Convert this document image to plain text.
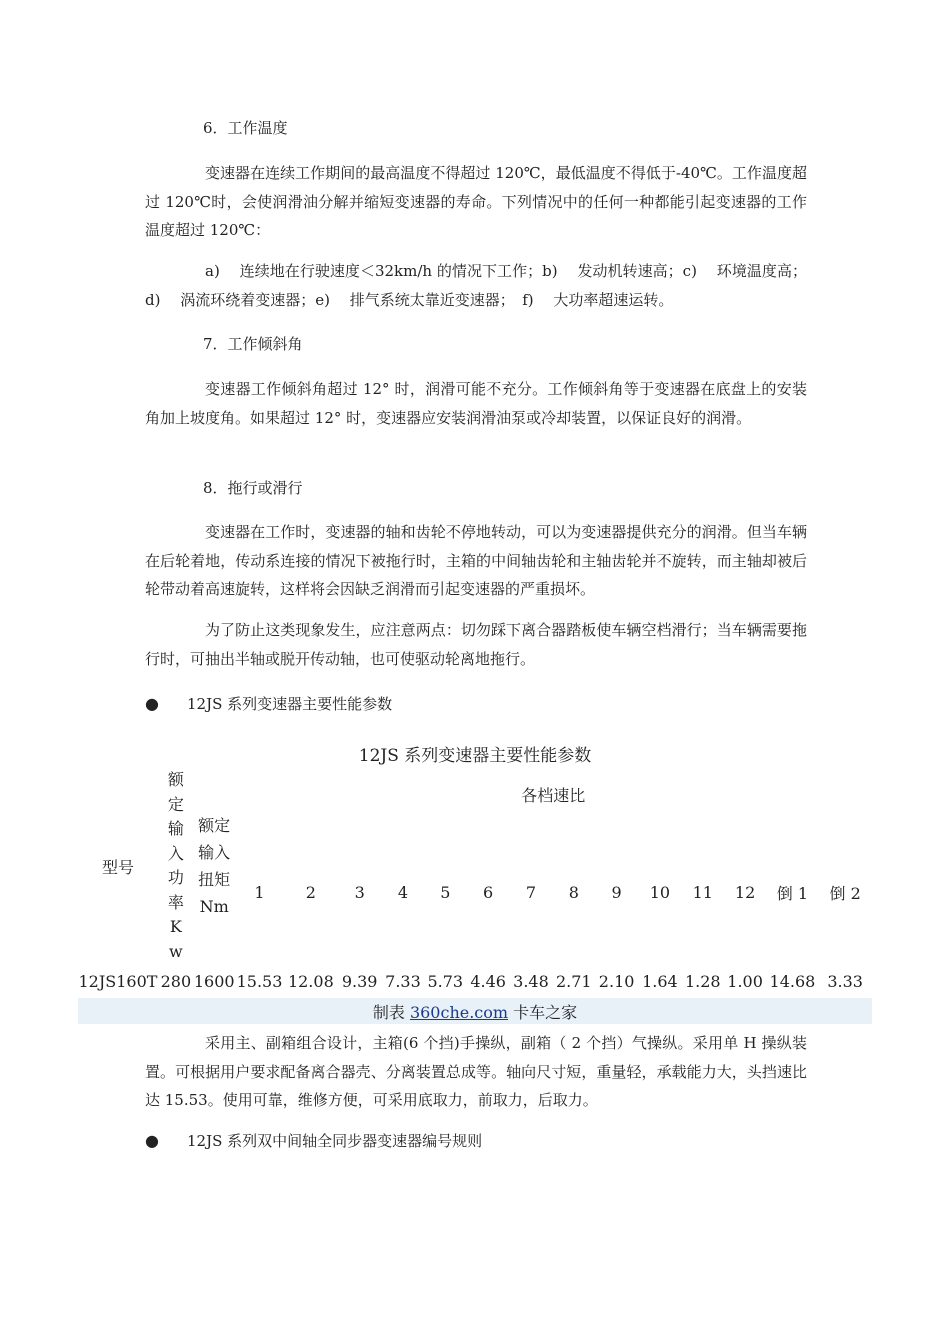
6．工作温度

变速器在连续工作期间的最高温度不得超过 120℃，最低温度不得低于-40℃。工作温度超过 120℃时，会使润滑油分解并缩短变速器的寿命。下列情况中的任何一种都能引起变速器的工作温度超过 120℃：

a)　 连续地在行驶速度＜32km/h 的情况下工作；b)　 发动机转速高；c)　 环境温度高；d)　 涡流环绕着变速器；e)　 排气系统太靠近变速器；　f)　 大功率超速运转。

7．工作倾斜角

变速器工作倾斜角超过 12° 时，润滑可能不充分。工作倾斜角等于变速器在底盘上的安装角加上坡度角。如果超过 12° 时，变速器应安装润滑油泵或冷却装置，以保证良好的润滑。

8．拖行或滑行

变速器在工作时，变速器的轴和齿轮不停地转动，可以为变速器提供充分的润滑。但当车辆在后轮着地，传动系连接的情况下被拖行时，主箱的中间轴齿轮和主轴齿轮并不旋转，而主轴却被后轮带动着高速旋转，这样将会因缺乏润滑而引起变速器的严重损坏。

为了防止这类现象发生，应注意两点：切勿踩下离合器踏板使车辆空档滑行；当车辆需要拖行时，可抽出半轴或脱开传动轴，也可使驱动轮离地拖行。

● 12JS 系列变速器主要性能参数
12JS 系列变速器主要性能参数
型号	额定输入功率Kw	额定输入扭矩Nm	各档速比													
			1	2	3	4	5	6	7	8	9	10	11	12	倒 1	倒 2
12JS160T	280	1600	15.53	12.08	9.39	7.33	5.73	4.46	3.48	2.71	2.10	1.64	1.28	1.00	14.68	3.33
制表 360che.com 卡车之家																

采用主、副箱组合设计，主箱(6 个挡)手操纵，副箱（ 2 个挡）气操纵。采用单 H 操纵装置。可根据用户要求配备离合器壳、分离装置总成等。轴向尺寸短，重量轻，承载能力大，头挡速比达 15.53。使用可靠，维修方便，可采用底取力，前取力，后取力。

● 12JS 系列双中间轴全同步器变速器编号规则
